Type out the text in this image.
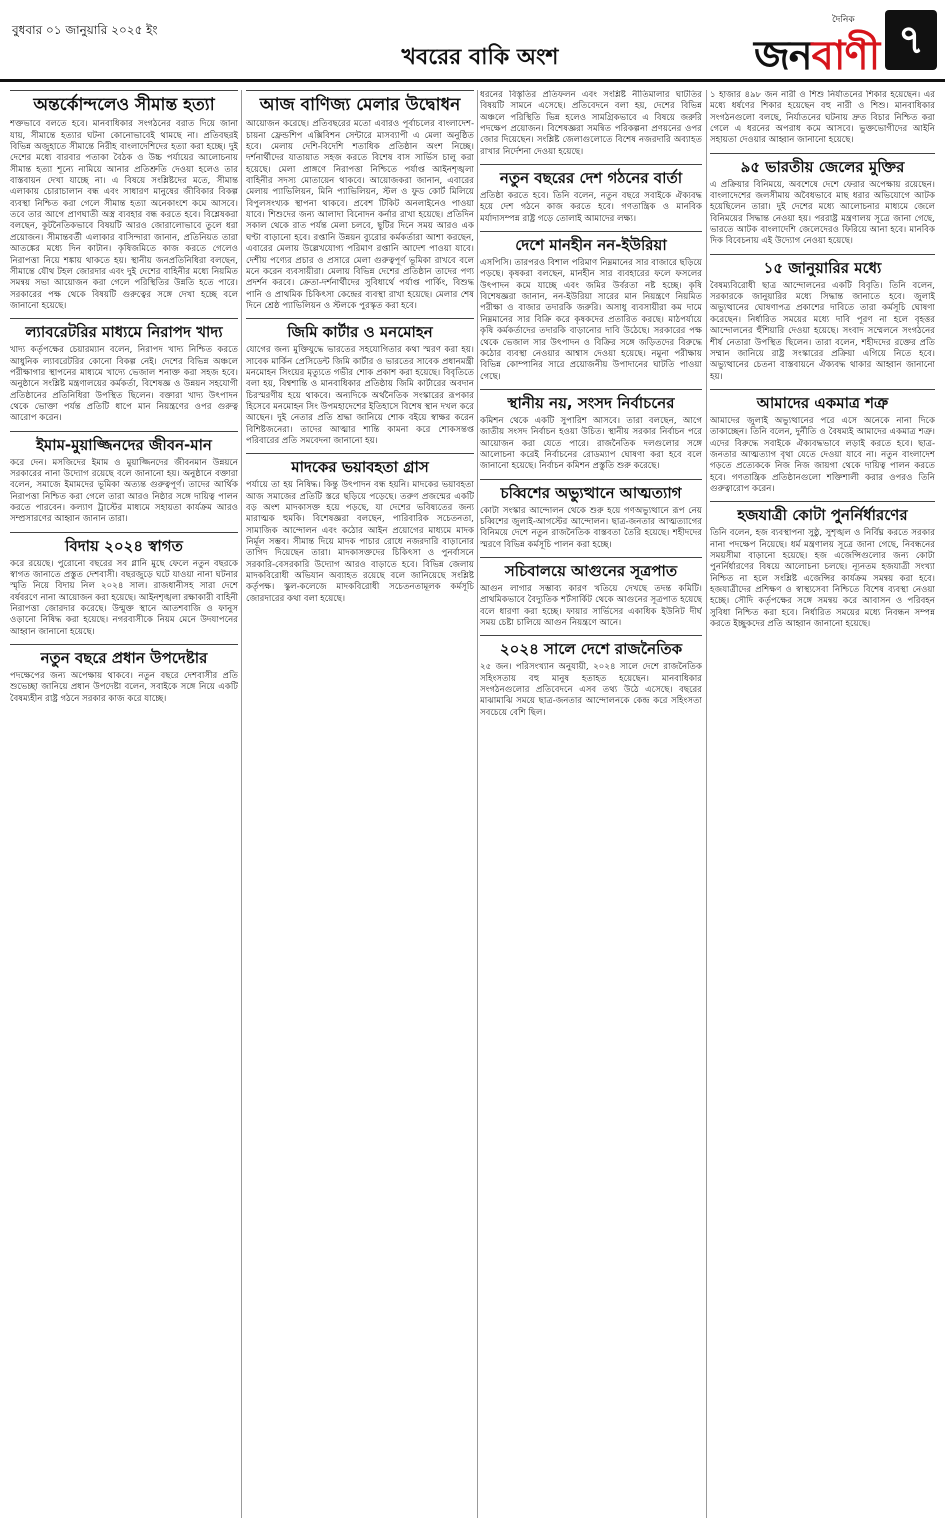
বুধবার ০১ জানুয়ারি ২০২৫ ইং
খবরের বাকি অংশ
দৈনিক
জনবাণী ৭
অন্তর্কোন্দলেও সীমান্ত হত্যা
শক্তভাবে বলতে হবে। মানবাধিকার সংগঠনের বরাত দিয়ে জানা যায়, সীমান্তে হত্যার ঘটনা কোনোভাবেই থামছে না। প্রতিবছরই বিভিন্ন অজুহাতে সীমান্তে নিরীহ বাংলাদেশিদের হত্যা করা হচ্ছে। দুই দেশের মধ্যে বারবার পতাকা বৈঠক ও উচ্চ পর্যায়ের আলোচনায় সীমান্ত হত্যা শূন্যে নামিয়ে আনার প্রতিশ্রুতি দেওয়া হলেও তার বাস্তবায়ন দেখা যাচ্ছে না। এ বিষয়ে সংশ্লিষ্টদের মতে, সীমান্ত এলাকায় চোরাচালান বন্ধ এবং সাধারণ মানুষের জীবিকার বিকল্প ব্যবস্থা নিশ্চিত করা গেলে সীমান্ত হত্যা অনেকাংশে কমে আসবে। তবে তার আগে প্রাণঘাতী অস্ত্র ব্যবহার বন্ধ করতে হবে। বিশ্লেষকরা বলছেন, কূটনৈতিকভাবে বিষয়টি আরও জোরালোভাবে তুলে ধরা প্রয়োজন। সীমান্তবর্তী এলাকার বাসিন্দারা জানান, প্রতিনিয়ত তারা আতঙ্কের মধ্যে দিন কাটান। কৃষিজমিতে কাজ করতে গেলেও নিরাপত্তা নিয়ে শঙ্কায় থাকতে হয়। স্থানীয় জনপ্রতিনিধিরা বলছেন, সীমান্তে যৌথ টহল জোরদার এবং দুই দেশের বাহিনীর মধ্যে নিয়মিত সমন্বয় সভা আয়োজন করা গেলে পরিস্থিতির উন্নতি হতে পারে। সরকারের পক্ষ থেকে বিষয়টি গুরুত্বের সঙ্গে দেখা হচ্ছে বলে জানানো হয়েছে।
ল্যাবরেটরির মাধ্যমে নিরাপদ খাদ্য
খাদ্য কর্তৃপক্ষের চেয়ারম্যান বলেন, নিরাপদ খাদ্য নিশ্চিত করতে আধুনিক ল্যাবরেটরির কোনো বিকল্প নেই। দেশের বিভিন্ন অঞ্চলে পরীক্ষাগার স্থাপনের মাধ্যমে খাদ্যে ভেজাল শনাক্ত করা সহজ হবে। অনুষ্ঠানে সংশ্লিষ্ট মন্ত্রণালয়ের কর্মকর্তা, বিশেষজ্ঞ ও উন্নয়ন সহযোগী প্রতিষ্ঠানের প্রতিনিধিরা উপস্থিত ছিলেন। বক্তারা খাদ্য উৎপাদন থেকে ভোক্তা পর্যন্ত প্রতিটি ধাপে মান নিয়ন্ত্রণের ওপর গুরুত্ব আরোপ করেন।
ইমাম-মুয়াজ্জিনদের জীবন-মান
করে দেন। মসজিদের ইমাম ও মুয়াজ্জিনদের জীবনমান উন্নয়নে সরকারের নানা উদ্যোগ রয়েছে বলে জানানো হয়। অনুষ্ঠানে বক্তারা বলেন, সমাজে ইমামদের ভূমিকা অত্যন্ত গুরুত্বপূর্ণ। তাদের আর্থিক নিরাপত্তা নিশ্চিত করা গেলে তারা আরও নিষ্ঠার সঙ্গে দায়িত্ব পালন করতে পারবেন। কল্যাণ ট্রাস্টের মাধ্যমে সহায়তা কার্যক্রম আরও সম্প্রসারণের আহ্বান জানান তারা।
বিদায় ২০২৪ স্বাগত
করে রয়েছে। পুরোনো বছরের সব গ্লানি মুছে ফেলে নতুন বছরকে স্বাগত জানাতে প্রস্তুত দেশবাসী। বছরজুড়ে ঘটে যাওয়া নানা ঘটনার স্মৃতি নিয়ে বিদায় নিল ২০২৪ সাল। রাজধানীসহ সারা দেশে বর্ষবরণে নানা আয়োজন করা হয়েছে। আইনশৃঙ্খলা রক্ষাকারী বাহিনী নিরাপত্তা জোরদার করেছে। উন্মুক্ত স্থানে আতশবাজি ও ফানুস ওড়ানো নিষিদ্ধ করা হয়েছে। নগরবাসীকে নিয়ম মেনে উদযাপনের আহ্বান জানানো হয়েছে।
নতুন বছরে প্রধান উপদেষ্টার
পদক্ষেপের জন্য অপেক্ষায় থাকবে। নতুন বছরে দেশবাসীর প্রতি শুভেচ্ছা জানিয়ে প্রধান উপদেষ্টা বলেন, সবাইকে সঙ্গে নিয়ে একটি বৈষম্যহীন রাষ্ট্র গঠনে সরকার কাজ করে যাচ্ছে।
আজ বাণিজ্য মেলার উদ্বোধন
আয়োজন করেছে। প্রতিবছরের মতো এবারও পূর্বাচলের বাংলাদেশ-চায়না ফ্রেন্ডশিপ এক্সিবিশন সেন্টারে মাসব্যাপী এ মেলা অনুষ্ঠিত হবে। মেলায় দেশি-বিদেশি শতাধিক প্রতিষ্ঠান অংশ নিচ্ছে। দর্শনার্থীদের যাতায়াত সহজ করতে বিশেষ বাস সার্ভিস চালু করা হয়েছে। মেলা প্রাঙ্গণে নিরাপত্তা নিশ্চিতে পর্যাপ্ত আইনশৃঙ্খলা বাহিনীর সদস্য মোতায়েন থাকবে। আয়োজকরা জানান, এবারের মেলায় প্যাভিলিয়ন, মিনি প্যাভিলিয়ন, স্টল ও ফুড কোর্ট মিলিয়ে বিপুলসংখ্যক স্থাপনা থাকবে। প্রবেশ টিকিট অনলাইনেও পাওয়া যাবে। শিশুদের জন্য আলাদা বিনোদন কর্নার রাখা হয়েছে। প্রতিদিন সকাল থেকে রাত পর্যন্ত মেলা চলবে, ছুটির দিনে সময় আরও এক ঘণ্টা বাড়ানো হবে। রপ্তানি উন্নয়ন ব্যুরোর কর্মকর্তারা আশা করছেন, এবারের মেলায় উল্লেখযোগ্য পরিমাণ রপ্তানি আদেশ পাওয়া যাবে। দেশীয় পণ্যের প্রচার ও প্রসারে মেলা গুরুত্বপূর্ণ ভূমিকা রাখবে বলে মনে করেন ব্যবসায়ীরা। মেলায় বিভিন্ন দেশের প্রতিষ্ঠান তাদের পণ্য প্রদর্শন করবে। ক্রেতা-দর্শনার্থীদের সুবিধার্থে পর্যাপ্ত পার্কিং, বিশুদ্ধ পানি ও প্রাথমিক চিকিৎসা কেন্দ্রের ব্যবস্থা রাখা হয়েছে। মেলার শেষ দিনে শ্রেষ্ঠ প্যাভিলিয়ন ও স্টলকে পুরস্কৃত করা হবে।
জিমি কার্টার ও মনমোহন
যোগের জন্য মুক্তিযুদ্ধে ভারতের সহযোগিতার কথা স্মরণ করা হয়। সাবেক মার্কিন প্রেসিডেন্ট জিমি কার্টার ও ভারতের সাবেক প্রধানমন্ত্রী মনমোহন সিংয়ের মৃত্যুতে গভীর শোক প্রকাশ করা হয়েছে। বিবৃতিতে বলা হয়, বিশ্বশান্তি ও মানবাধিকার প্রতিষ্ঠায় জিমি কার্টারের অবদান চিরস্মরণীয় হয়ে থাকবে। অন্যদিকে অর্থনৈতিক সংস্কারের রূপকার হিসেবে মনমোহন সিং উপমহাদেশের ইতিহাসে বিশেষ স্থান দখল করে আছেন। দুই নেতার প্রতি শ্রদ্ধা জানিয়ে শোক বইয়ে স্বাক্ষর করেন বিশিষ্টজনেরা। তাদের আত্মার শান্তি কামনা করে শোকসন্তপ্ত পরিবারের প্রতি সমবেদনা জানানো হয়।
মাদকের ভয়াবহতা গ্রাস
পর্যায়ে তা হয় নিষিদ্ধ। কিন্তু উৎপাদন বন্ধ হয়নি। মাদকের ভয়াবহতা আজ সমাজের প্রতিটি স্তরে ছড়িয়ে পড়েছে। তরুণ প্রজন্মের একটি বড় অংশ মাদকাসক্ত হয়ে পড়ছে, যা দেশের ভবিষ্যতের জন্য মারাত্মক হুমকি। বিশেষজ্ঞরা বলছেন, পারিবারিক সচেতনতা, সামাজিক আন্দোলন এবং কঠোর আইন প্রয়োগের মাধ্যমে মাদক নির্মূল সম্ভব। সীমান্ত দিয়ে মাদক পাচার রোধে নজরদারি বাড়ানোর তাগিদ দিয়েছেন তারা। মাদকাসক্তদের চিকিৎসা ও পুনর্বাসনে সরকারি-বেসরকারি উদ্যোগ আরও বাড়াতে হবে। বিভিন্ন জেলায় মাদকবিরোধী অভিযান অব্যাহত রয়েছে বলে জানিয়েছে সংশ্লিষ্ট কর্তৃপক্ষ। স্কুল-কলেজে মাদকবিরোধী সচেতনতামূলক কর্মসূচি জোরদারের কথা বলা হয়েছে।
ধরনের বিস্তৃতির প্রতিফলন এবং সংশ্লিষ্ট নীতিমালার ঘাটতির বিষয়টি সামনে এসেছে। প্রতিবেদনে বলা হয়, দেশের বিভিন্ন অঞ্চলে পরিস্থিতি ভিন্ন হলেও সামগ্রিকভাবে এ বিষয়ে জরুরি পদক্ষেপ প্রয়োজন। বিশেষজ্ঞরা সমন্বিত পরিকল্পনা প্রণয়নের ওপর জোর দিয়েছেন। সংশ্লিষ্ট জেলাগুলোতে বিশেষ নজরদারি অব্যাহত রাখার নির্দেশনা দেওয়া হয়েছে।
নতুন বছরের দেশ গঠনের বার্তা
প্রতিষ্ঠা করতে হবে। তিনি বলেন, নতুন বছরে সবাইকে ঐক্যবদ্ধ হয়ে দেশ গঠনে কাজ করতে হবে। গণতান্ত্রিক ও মানবিক মর্যাদাসম্পন্ন রাষ্ট্র গড়ে তোলাই আমাদের লক্ষ্য।
দেশে মানহীন নন-ইউরিয়া
এসপিসি। তারপরও বিশাল পরিমাণ নিম্নমানের সার বাজারে ছড়িয়ে পড়ছে। কৃষকরা বলছেন, মানহীন সার ব্যবহারের ফলে ফসলের উৎপাদন কমে যাচ্ছে এবং জমির উর্বরতা নষ্ট হচ্ছে। কৃষি বিশেষজ্ঞরা জানান, নন-ইউরিয়া সারের মান নিয়ন্ত্রণে নিয়মিত পরীক্ষা ও বাজার তদারকি জরুরি। অসাধু ব্যবসায়ীরা কম দামে নিম্নমানের সার বিক্রি করে কৃষকদের প্রতারিত করছে। মাঠপর্যায়ে কৃষি কর্মকর্তাদের তদারকি বাড়ানোর দাবি উঠেছে। সরকারের পক্ষ থেকে ভেজাল সার উৎপাদন ও বিক্রির সঙ্গে জড়িতদের বিরুদ্ধে কঠোর ব্যবস্থা নেওয়ার আশ্বাস দেওয়া হয়েছে। নমুনা পরীক্ষায় বিভিন্ন কোম্পানির সারে প্রয়োজনীয় উপাদানের ঘাটতি পাওয়া গেছে।
স্থানীয় নয়, সংসদ নির্বাচনের
কমিশন থেকে একটি সুপারিশ আসবে। তারা বলছেন, আগে জাতীয় সংসদ নির্বাচন হওয়া উচিত। স্থানীয় সরকার নির্বাচন পরে আয়োজন করা যেতে পারে। রাজনৈতিক দলগুলোর সঙ্গে আলোচনা করেই নির্বাচনের রোডম্যাপ ঘোষণা করা হবে বলে জানানো হয়েছে। নির্বাচন কমিশন প্রস্তুতি শুরু করেছে।
চব্বিশের অভ্যুত্থানে আত্মত্যাগ
কোটা সংস্কার আন্দোলন থেকে শুরু হয়ে গণঅভ্যুত্থানে রূপ নেয় চব্বিশের জুলাই-আগস্টের আন্দোলন। ছাত্র-জনতার আত্মত্যাগের বিনিময়ে দেশে নতুন রাজনৈতিক বাস্তবতা তৈরি হয়েছে। শহীদদের স্মরণে বিভিন্ন কর্মসূচি পালন করা হচ্ছে।
সচিবালয়ে আগুনের সূত্রপাত
আগুন লাগার সম্ভাব্য কারণ খতিয়ে দেখছে তদন্ত কমিটি। প্রাথমিকভাবে বৈদ্যুতিক শর্টসার্কিট থেকে আগুনের সূত্রপাত হয়েছে বলে ধারণা করা হচ্ছে। ফায়ার সার্ভিসের একাধিক ইউনিট দীর্ঘ সময় চেষ্টা চালিয়ে আগুন নিয়ন্ত্রণে আনে।
২০২৪ সালে দেশে রাজনৈতিক
২৫ জন। পরিসংখ্যান অনুযায়ী, ২০২৪ সালে দেশে রাজনৈতিক সহিংসতায় বহু মানুষ হতাহত হয়েছেন। মানবাধিকার সংগঠনগুলোর প্রতিবেদনে এসব তথ্য উঠে এসেছে। বছরের মাঝামাঝি সময়ে ছাত্র-জনতার আন্দোলনকে কেন্দ্র করে সহিংসতা সবচেয়ে বেশি ছিল।
১ হাজার ৪৯৮ জন নারী ও শিশু নির্যাতনের শিকার হয়েছেন। এর মধ্যে ধর্ষণের শিকার হয়েছেন বহু নারী ও শিশু। মানবাধিকার সংগঠনগুলো বলছে, নির্যাতনের ঘটনায় দ্রুত বিচার নিশ্চিত করা গেলে এ ধরনের অপরাধ কমে আসবে। ভুক্তভোগীদের আইনি সহায়তা দেওয়ার আহ্বান জানানো হয়েছে।
৯৫ ভারতীয় জেলের মুক্তির
এ প্রক্রিয়ার বিনিময়ে, অবশেষে দেশে ফেরার অপেক্ষায় রয়েছেন। বাংলাদেশের জলসীমায় অবৈধভাবে মাছ ধরার অভিযোগে আটক হয়েছিলেন তারা। দুই দেশের মধ্যে আলোচনার মাধ্যমে জেলে বিনিময়ের সিদ্ধান্ত নেওয়া হয়। পররাষ্ট্র মন্ত্রণালয় সূত্রে জানা গেছে, ভারতে আটক বাংলাদেশি জেলেদেরও ফিরিয়ে আনা হবে। মানবিক দিক বিবেচনায় এই উদ্যোগ নেওয়া হয়েছে।
১৫ জানুয়ারির মধ্যে
বৈষম্যবিরোধী ছাত্র আন্দোলনের একটি বিবৃতি। তিনি বলেন, সরকারকে জানুয়ারির মধ্যে সিদ্ধান্ত জানাতে হবে। জুলাই অভ্যুত্থানের ঘোষণাপত্র প্রকাশের দাবিতে তারা কর্মসূচি ঘোষণা করেছেন। নির্ধারিত সময়ের মধ্যে দাবি পূরণ না হলে বৃহত্তর আন্দোলনের হুঁশিয়ারি দেওয়া হয়েছে। সংবাদ সম্মেলনে সংগঠনের শীর্ষ নেতারা উপস্থিত ছিলেন। তারা বলেন, শহীদদের রক্তের প্রতি সম্মান জানিয়ে রাষ্ট্র সংস্কারের প্রক্রিয়া এগিয়ে নিতে হবে। অভ্যুত্থানের চেতনা বাস্তবায়নে ঐক্যবদ্ধ থাকার আহ্বান জানানো হয়।
আমাদের একমাত্র শত্রু
আমাদের জুলাই অভ্যুত্থানের পরে এসে অনেকে নানা দিকে তাকাচ্ছেন। তিনি বলেন, দুর্নীতি ও বৈষম্যই আমাদের একমাত্র শত্রু। এদের বিরুদ্ধে সবাইকে ঐক্যবদ্ধভাবে লড়াই করতে হবে। ছাত্র-জনতার আত্মত্যাগ বৃথা যেতে দেওয়া যাবে না। নতুন বাংলাদেশ গড়তে প্রত্যেককে নিজ নিজ জায়গা থেকে দায়িত্ব পালন করতে হবে। গণতান্ত্রিক প্রতিষ্ঠানগুলো শক্তিশালী করার ওপরও তিনি গুরুত্বারোপ করেন।
হজযাত্রী কোটা পুনর্নির্ধারণের
তিনি বলেন, হজ ব্যবস্থাপনা সুষ্ঠু, সুশৃঙ্খল ও নির্বিঘ্ন করতে সরকার নানা পদক্ষেপ নিয়েছে। ধর্ম মন্ত্রণালয় সূত্রে জানা গেছে, নিবন্ধনের সময়সীমা বাড়ানো হয়েছে। হজ এজেন্সিগুলোর জন্য কোটা পুনর্নির্ধারণের বিষয়ে আলোচনা চলছে। ন্যূনতম হজযাত্রী সংখ্যা নিশ্চিত না হলে সংশ্লিষ্ট এজেন্সির কার্যক্রম সমন্বয় করা হবে। হজযাত্রীদের প্রশিক্ষণ ও স্বাস্থ্যসেবা নিশ্চিতে বিশেষ ব্যবস্থা নেওয়া হচ্ছে। সৌদি কর্তৃপক্ষের সঙ্গে সমন্বয় করে আবাসন ও পরিবহন সুবিধা নিশ্চিত করা হবে। নির্ধারিত সময়ের মধ্যে নিবন্ধন সম্পন্ন করতে ইচ্ছুকদের প্রতি আহ্বান জানানো হয়েছে।
